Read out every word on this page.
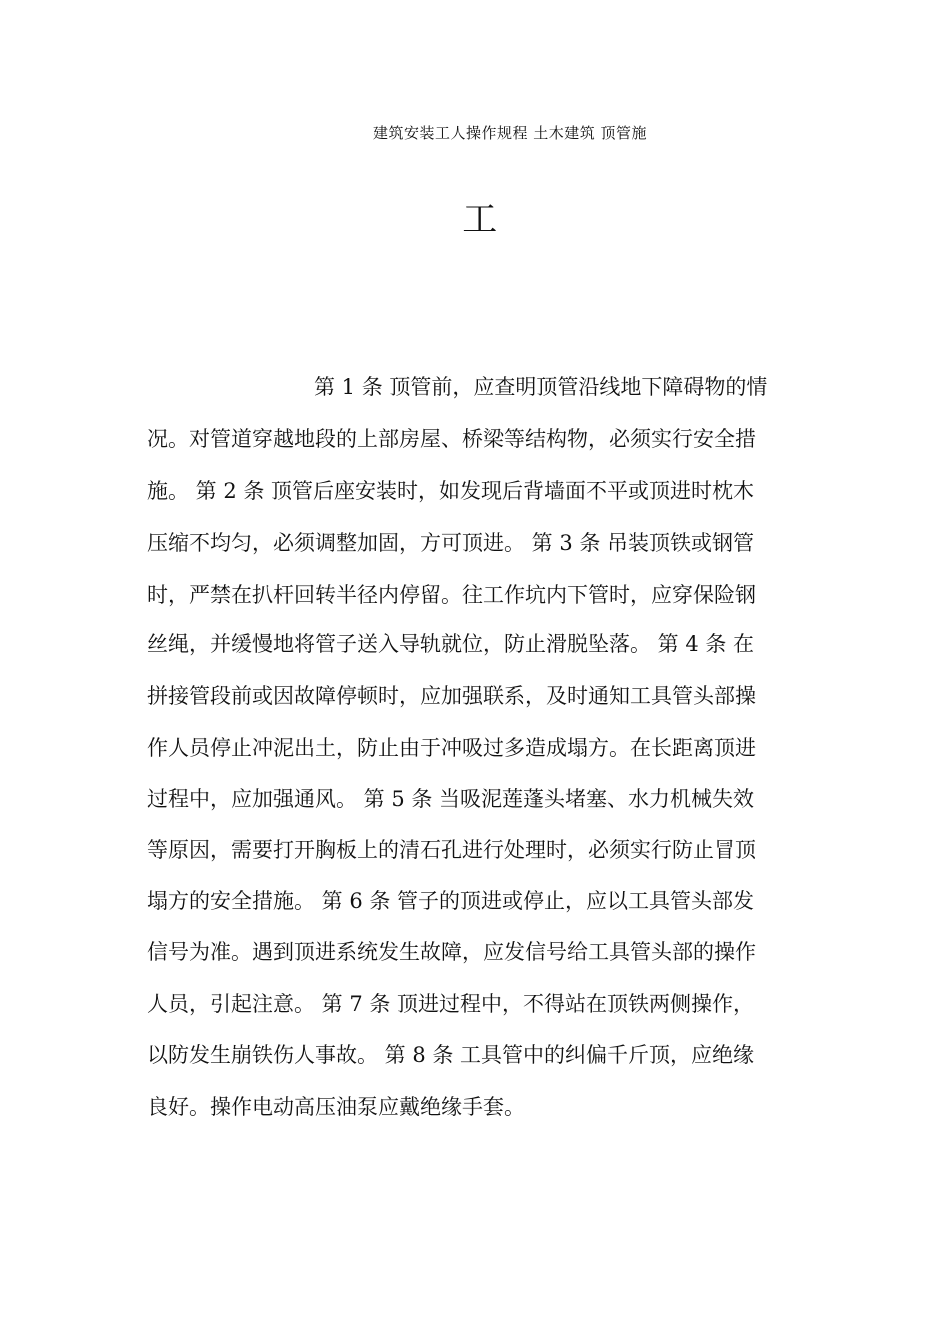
建筑安装工人操作规程 土木建筑 顶管施
工
第 1 条 顶管前，应查明顶管沿线地下障碍物的情
况。对管道穿越地段的上部房屋、桥梁等结构物，必须实行安全措
施。 第 2 条 顶管后座安装时，如发现后背墙面不平或顶进时枕木
压缩不均匀，必须调整加固，方可顶进。 第 3 条 吊装顶铁或钢管
时，严禁在扒杆回转半径内停留。往工作坑内下管时，应穿保险钢
丝绳，并缓慢地将管子送入导轨就位，防止滑脱坠落。 第 4 条 在
拼接管段前或因故障停顿时，应加强联系，及时通知工具管头部操
作人员停止冲泥出土，防止由于冲吸过多造成塌方。在长距离顶进
过程中，应加强通风。 第 5 条 当吸泥莲蓬头堵塞、水力机械失效
等原因，需要打开胸板上的清石孔进行处理时，必须实行防止冒顶
塌方的安全措施。 第 6 条 管子的顶进或停止，应以工具管头部发
信号为准。遇到顶进系统发生故障，应发信号给工具管头部的操作
人员，引起注意。 第 7 条 顶进过程中，不得站在顶铁两侧操作，
以防发生崩铁伤人事故。 第 8 条 工具管中的纠偏千斤顶，应绝缘
良好。操作电动高压油泵应戴绝缘手套。
